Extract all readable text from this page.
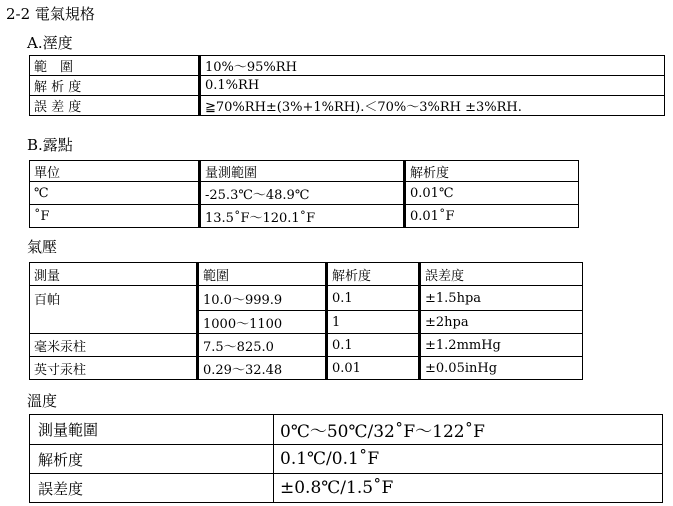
2-2 電氣規格
A.溼度
範　圍	10%～95%RH
解 析 度	0.1%RH
誤 差 度	≧70%RH±(3%+1%RH).＜70%～3%RH ±3%RH.
B.露點
單位	量測範圍	解析度
℃	-25.3℃～48.9℃	0.01℃
˚F	13.5˚F～120.1˚F	0.01˚F
氣壓
測量	範圍	解析度	誤差度
百帕	10.0～999.9	0.1	±1.5hpa
	1000～1100	1	±2hpa
毫米汞柱	7.5～825.0	0.1	±1.2mmHg
英寸汞柱	0.29～32.48	0.01	±0.05inHg
溫度
測量範圍	0℃～50℃/32˚F～122˚F
解析度	0.1℃/0.1˚F
誤差度	±0.8℃/1.5˚F
